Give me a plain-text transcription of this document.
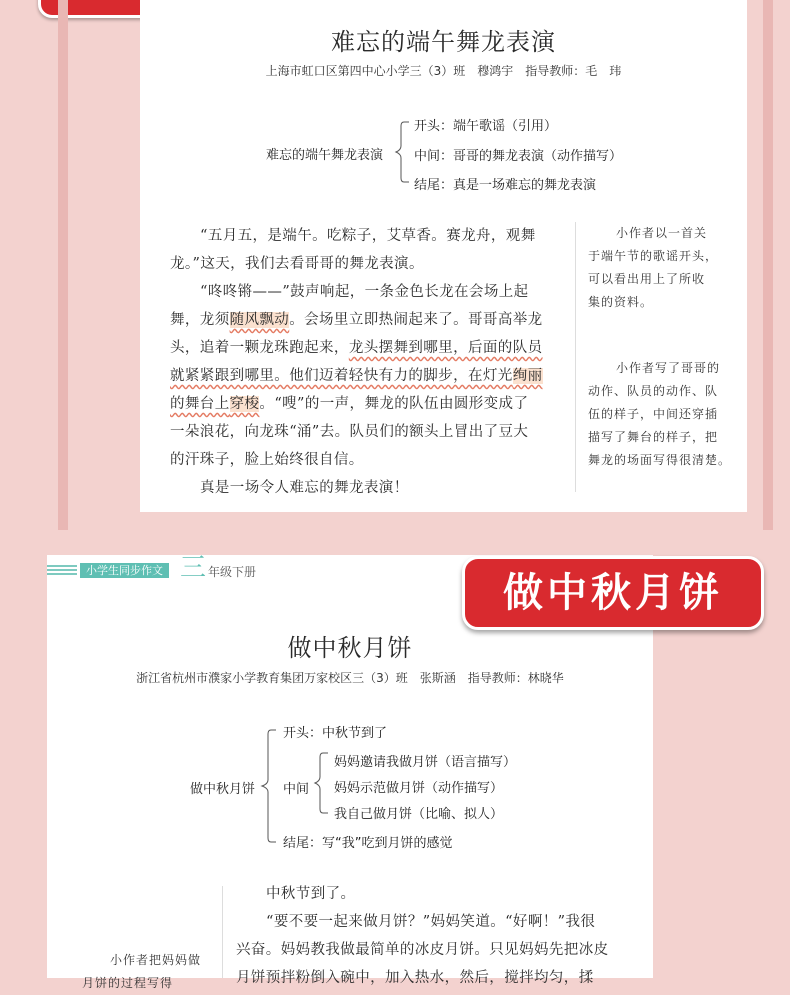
难忘的端午舞龙表演
上海市虹口区第四中心小学三（3）班　穆鸿宇　指导教师：毛　玮
难忘的端午舞龙表演
开头：端午歌谣（引用）
中间：哥哥的舞龙表演（动作描写）
结尾：真是一场难忘的舞龙表演
“五月五，是端午。吃粽子，艾草香。赛龙舟，观舞
龙。”这天，我们去看哥哥的舞龙表演。
“咚咚锵——”鼓声响起，一条金色长龙在会场上起
舞，龙须随风飘动。会场里立即热闹起来了。哥哥高举龙
头，追着一颗龙珠跑起来，龙头摆舞到哪里，后面的队员
就紧紧跟到哪里。他们迈着轻快有力的脚步，在灯光绚丽
的舞台上穿梭。“嗖”的一声，舞龙的队伍由圆形变成了
一朵浪花，向龙珠“涌”去。队员们的额头上冒出了豆大
的汗珠子，脸上始终很自信。
真是一场令人难忘的舞龙表演！
小作者以一首关
于端午节的歌谣开头，
可以看出用上了所收
集的资料。
小作者写了哥哥的
动作、队员的动作、队
伍的样子，中间还穿插
描写了舞台的样子，把
舞龙的场面写得很清楚。
小学生同步作文 三 年级下册	做中秋月饼
做中秋月饼
浙江省杭州市濮家小学教育集团万家校区三（3）班　张斯涵　指导教师：林晓华
做中秋月饼
开头：中秋节到了
中间
妈妈邀请我做月饼（语言描写）
妈妈示范做月饼（动作描写）
我自己做月饼（比喻、拟人）
结尾：写“我”吃到月饼的感觉
中秋节到了。
“要不要一起来做月饼？”妈妈笑道。“好啊！”我很
兴奋。妈妈教我做最简单的冰皮月饼。只见妈妈先把冰皮
月饼预拌粉倒入碗中，加入热水，然后，搅拌均匀，揉
小作者把妈妈做
月饼的过程写得
